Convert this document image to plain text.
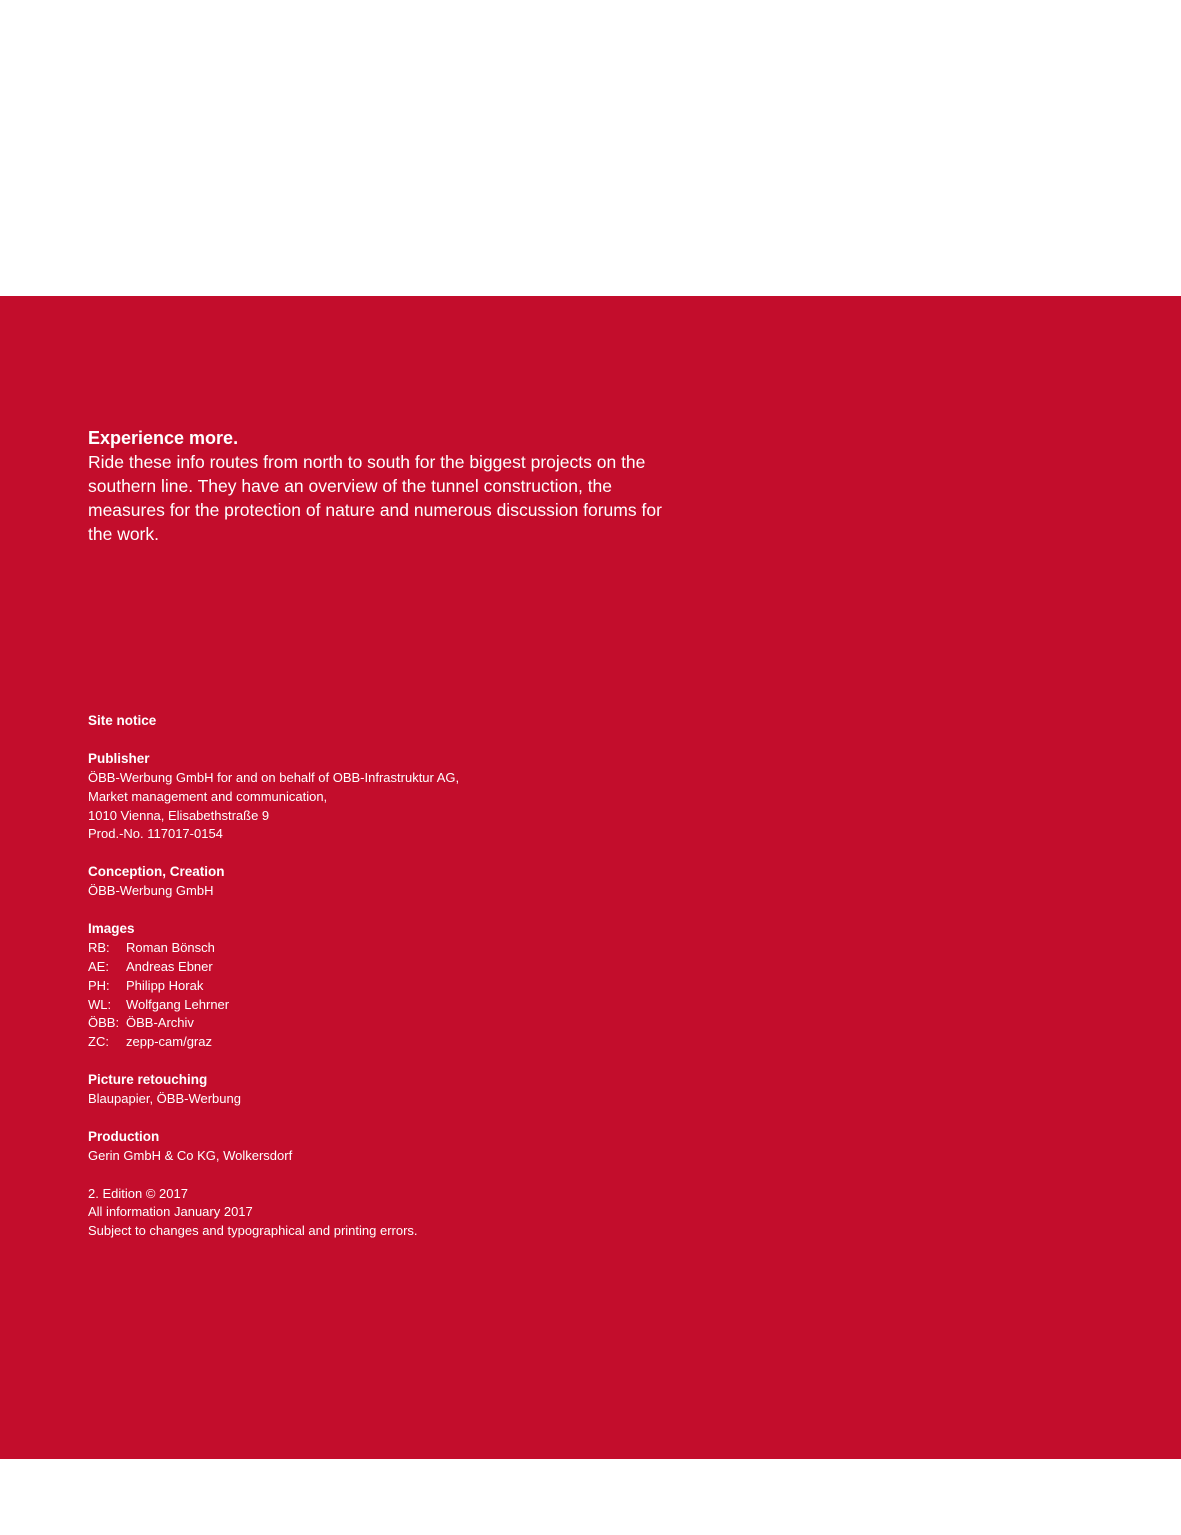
Experience more.

Ride these info routes from north to south for the biggest projects on the southern line. They have an overview of the tunnel construction, the measures for the protection of nature and numerous discussion forums for the work.

Site notice
Publisher
ÖBB-Werbung GmbH for and on behalf of OBB-Infrastruktur AG,
Market management and communication,
1010 Vienna, Elisabethstraße 9
Prod.-No. 117017-0154
Conception, Creation
ÖBB-Werbung GmbH
Images
RB:	Roman Bönsch
AE:	Andreas Ebner
PH:	Philipp Horak
WL:	Wolfgang Lehrner
ÖBB: ÖBB-Archiv
ZC:	zepp-cam/graz
Picture retouching
Blaupapier, ÖBB-Werbung
Production
Gerin GmbH & Co KG, Wolkersdorf
2. Edition © 2017
All information January 2017
Subject to changes and typographical and printing errors.
